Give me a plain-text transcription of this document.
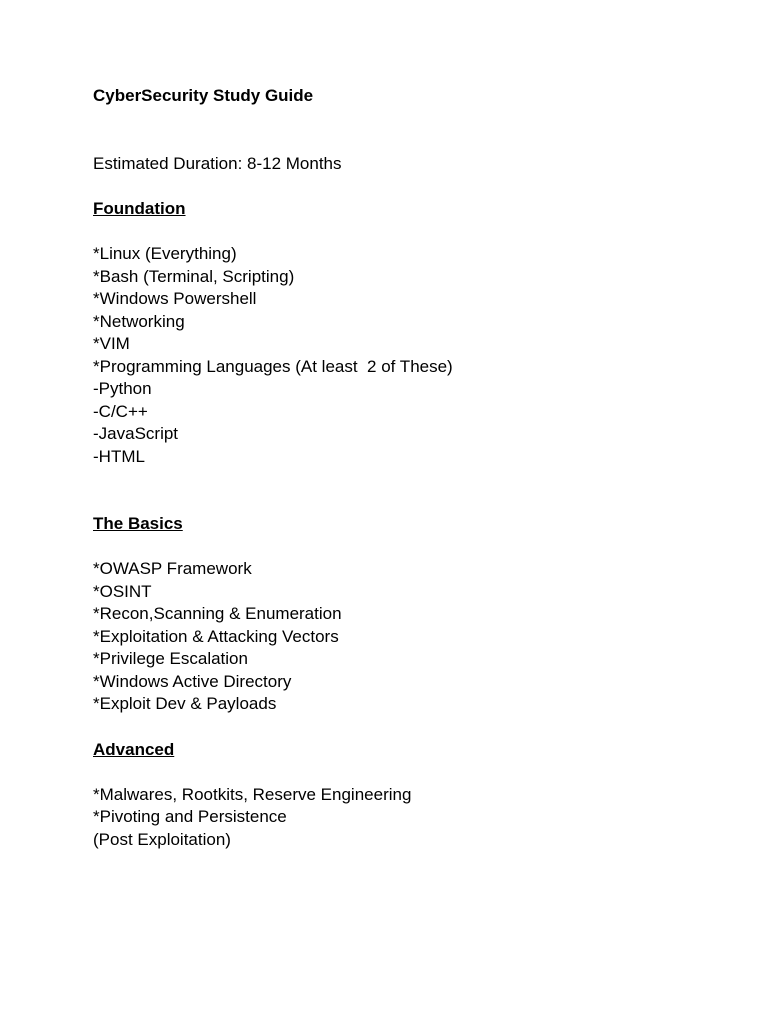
CyberSecurity Study Guide

Estimated Duration: 8-12 Months

Foundation

*Linux (Everything)
*Bash (Terminal, Scripting)
*Windows Powershell
*Networking
*VIM
*Programming Languages (At least  2 of These)
-Python
-C/C++
-JavaScript
-HTML

The Basics

*OWASP Framework
*OSINT
*Recon,Scanning & Enumeration
*Exploitation & Attacking Vectors
*Privilege Escalation
*Windows Active Directory
*Exploit Dev & Payloads

Advanced

*Malwares, Rootkits, Reserve Engineering
*Pivoting and Persistence
(Post Exploitation)
